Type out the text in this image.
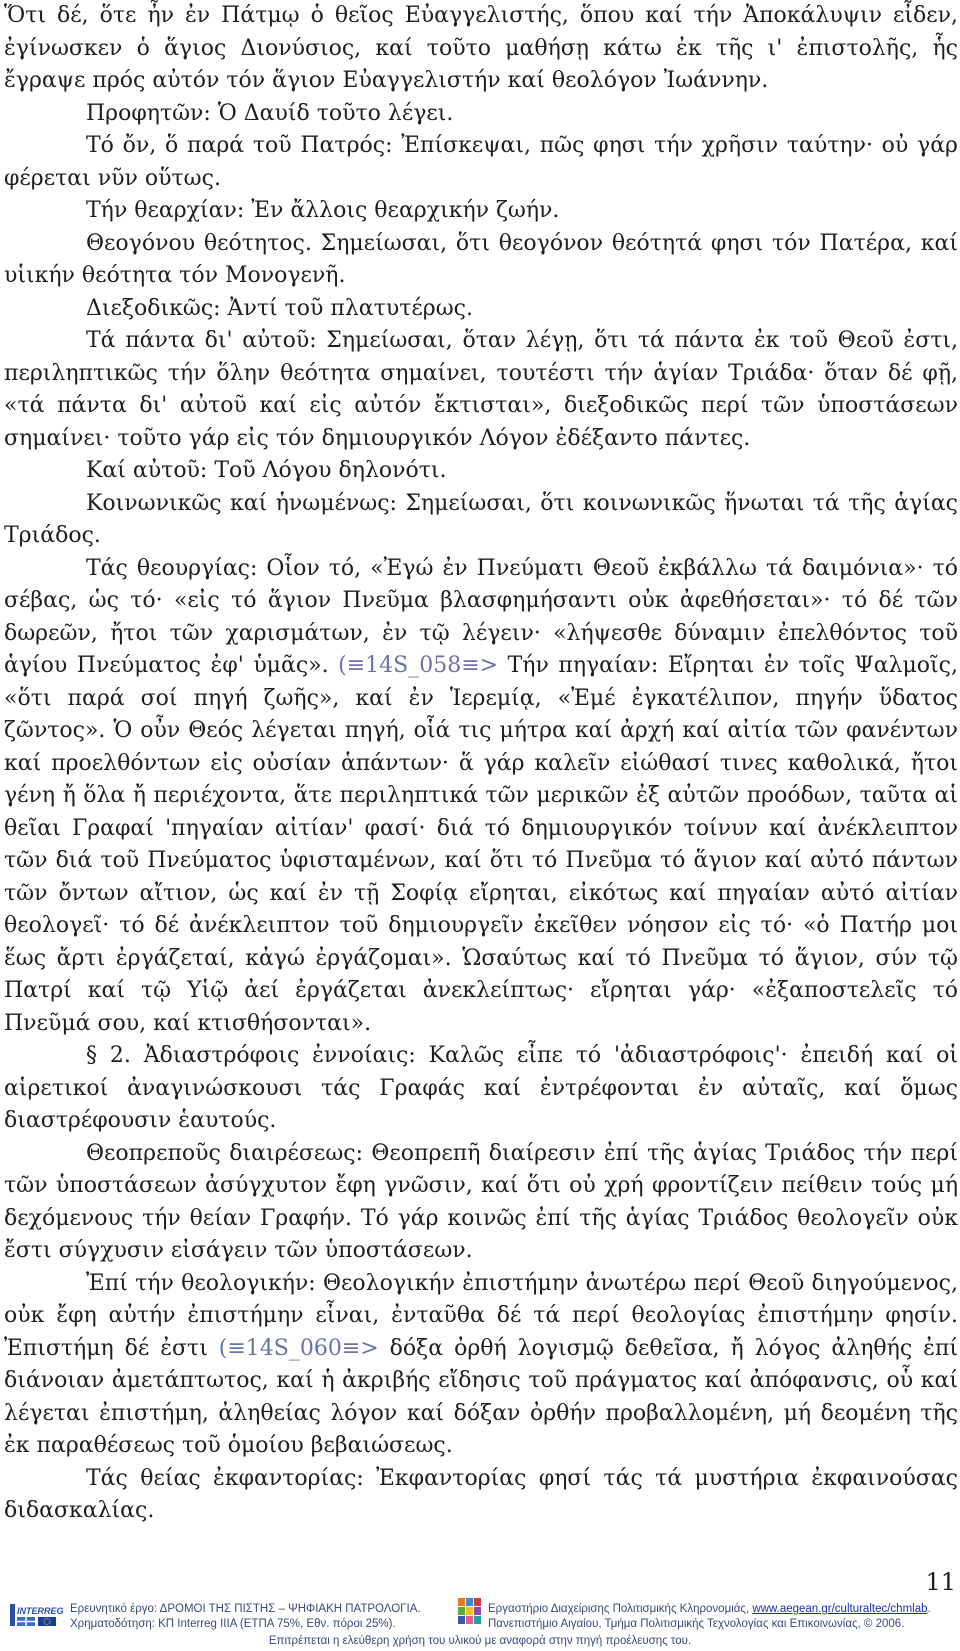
Ὅτι δέ, ὅτε ἦν ἐν Πάτμῳ ὁ θεῖος Εὐαγγελιστής, ὅπου καί τήν Ἀποκάλυψιν εἶδεν, ἐγίνωσκεν ὁ ἅγιος Διονύσιος, καί τοῦτο μαθήσῃ κάτω ἐκ τῆς ι' ἐπιστολῆς, ἧς ἔγραψε πρός αὐτόν τόν ἅγιον Εὐαγγελιστήν καί θεολόγον Ἰωάννην.

Προφητῶν: Ὁ Δαυίδ τοῦτο λέγει.

Τό ὄν, ὅ παρά τοῦ Πατρός: Ἐπίσκεψαι, πῶς φησι τήν χρῆσιν ταύτην· οὐ γάρ φέρεται νῦν οὕτως.

Τήν θεαρχίαν: Ἐν ἄλλοις θεαρχικήν ζωήν.

Θεογόνου θεότητος. Σημείωσαι, ὅτι θεογόνον θεότητά φησι τόν Πατέρα, καί υἱικήν θεότητα τόν Μονογενῆ.

Διεξοδικῶς: Ἀντί τοῦ πλατυτέρως.

Τά πάντα δι' αὐτοῦ: Σημείωσαι, ὅταν λέγῃ, ὅτι τά πάντα ἐκ τοῦ Θεοῦ ἐστι, περιληπτικῶς τήν ὅλην θεότητα σημαίνει, τουτέστι τήν ἁγίαν Τριάδα· ὅταν δέ φῇ, «τά πάντα δι' αὐτοῦ καί εἰς αὐτόν ἔκτισται», διεξοδικῶς περί τῶν ὑποστάσεων σημαίνει· τοῦτο γάρ εἰς τόν δημιουργικόν Λόγον ἐδέξαντο πάντες.

Καί αὐτοῦ: Τοῦ Λόγου δηλονότι.

Κοινωνικῶς καί ἡνωμένως: Σημείωσαι, ὅτι κοινωνικῶς ἥνωται τά τῆς ἁγίας Τριάδος.

Τάς θεουργίας: Οἷον τό, «Ἐγώ ἐν Πνεύματι Θεοῦ ἐκβάλλω τά δαιμόνια»· τό σέβας, ὡς τό· «εἰς τό ἅγιον Πνεῦμα βλασφημήσαντι οὐκ ἀφεθήσεται»· τό δέ τῶν δωρεῶν, ἤτοι τῶν χαρισμάτων, ἐν τῷ λέγειν· «λήψεσθε δύναμιν ἐπελθόντος τοῦ ἁγίου Πνεύματος ἐφ' ὑμᾶς». (≡14S_058≡> Τήν πηγαίαν: Εἴρηται ἐν τοῖς Ψαλμοῖς, «ὅτι παρά σοί πηγή ζωῆς», καί ἐν Ἱερεμίᾳ, «Ἐμέ ἐγκατέλιπον, πηγήν ὕδατος ζῶντος». Ὁ οὖν Θεός λέγεται πηγή, οἷά τις μήτρα καί ἀρχή καί αἰτία τῶν φανέντων καί προελθόντων εἰς οὐσίαν ἁπάντων· ἅ γάρ καλεῖν εἰώθασί τινες καθολικά, ἤτοι γένη ἤ ὅλα ἤ περιέχοντα, ἅτε περιληπτικά τῶν μερικῶν ἐξ αὐτῶν προόδων, ταῦτα αἱ θεῖαι Γραφαί 'πηγαίαν αἰτίαν' φασί· διά τό δημιουργικόν τοίνυν καί ἀνέκλειπτον τῶν διά τοῦ Πνεύματος ὑφισταμένων, καί ὅτι τό Πνεῦμα τό ἅγιον καί αὐτό πάντων τῶν ὄντων αἴτιον, ὡς καί ἐν τῇ Σοφίᾳ εἴρηται, εἰκότως καί πηγαίαν αὐτό αἰτίαν θεολογεῖ· τό δέ ἀνέκλειπτον τοῦ δημιουργεῖν ἐκεῖθεν νόησον εἰς τό· «ὁ Πατήρ μοι ἕως ἄρτι ἐργάζεταί, κἀγώ ἐργάζομαι». Ὡσαύτως καί τό Πνεῦμα τό ἅγιον, σύν τῷ Πατρί καί τῷ Υἱῷ ἀεί ἐργάζεται ἀνεκλείπτως· εἴρηται γάρ· «ἐξαποστελεῖς τό Πνεῦμά σου, καί κτισθήσονται».

§ 2. Ἀδιαστρόφοις ἐννοίαις: Καλῶς εἶπε τό 'ἀδιαστρόφοις'· ἐπειδή καί οἱ αἱρετικοί ἀναγινώσκουσι τάς Γραφάς καί ἐντρέφονται ἐν αὐταῖς, καί ὅμως διαστρέφουσιν ἑαυτούς.

Θεοπρεποῦς διαιρέσεως: Θεοπρεπῆ διαίρεσιν ἐπί τῆς ἁγίας Τριάδος τήν περί τῶν ὑποστάσεων ἀσύγχυτον ἔφη γνῶσιν, καί ὅτι οὐ χρή φροντίζειν πείθειν τούς μή δεχόμενους τήν θείαν Γραφήν. Τό γάρ κοινῶς ἐπί τῆς ἁγίας Τριάδος θεολογεῖν οὐκ ἔστι σύγχυσιν εἰσάγειν τῶν ὑποστάσεων.

Ἐπί τήν θεολογικήν: Θεολογικήν ἐπιστήμην ἀνωτέρω περί Θεοῦ διηγούμενος, οὐκ ἔφη αὐτήν ἐπιστήμην εἶναι, ἐνταῦθα δέ τά περί θεολογίας ἐπιστήμην φησίν. Ἐπιστήμη δέ ἐστι (≡14S_060≡> δόξα ὀρθή λογισμῷ δεθεῖσα, ἤ λόγος ἀληθής ἐπί διάνοιαν ἀμετάπτωτος, καί ἡ ἀκριβής εἴδησις τοῦ πράγματος καί ἀπόφανσις, οὗ καί λέγεται ἐπιστήμη, ἀληθείας λόγον καί δόξαν ὀρθήν προβαλλομένη, μή δεομένη τῆς ἐκ παραθέσεως τοῦ ὁμοίου βεβαιώσεως.

Τάς θείας ἐκφαντορίας: Ἐκφαντορίας φησί τάς τά μυστήρια ἐκφαινούσας διδασκαλίας.

11
INTERREG Ερευνητικό έργο: ΔΡΟΜΟΙ ΤΗΣ ΠΙΣΤΗΣ – ΨΗΦΙΑΚΗ ΠΑΤΡΟΛΟΓΙΑ.
Χρηματοδότηση: ΚΠ Interreg IIIA (ΕΤΠΑ 75%, Εθν. πόροι 25%).
Εργαστήριο Διαχείρισης Πολιτισμικής Κληρονομιάς, www.aegean.gr/culturaltec/chmlab.
Πανεπιστήμιο Αιγαίου, Τμήμα Πολιτισμικής Τεχνολογίας και Επικοινωνίας, © 2006.
Επιτρέπεται η ελεύθερη χρήση του υλικού με αναφορά στην πηγή προέλευσης του.
